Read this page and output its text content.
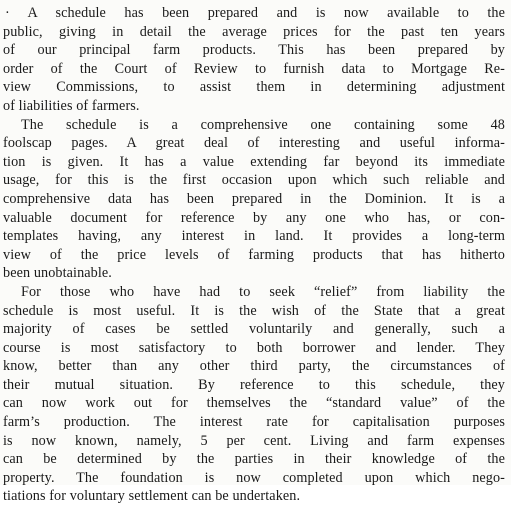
· A schedule has been prepared and is now available to the
public, giving in detail the average prices for the past ten years
of our principal farm products. This has been prepared by
order of the Court of Review to furnish data to Mortgage Re-
view Commissions, to assist them in determining adjustment
of liabilities of farmers.

The schedule is a comprehensive one containing some 48
foolscap pages. A great deal of interesting and useful informa-
tion is given. It has a value extending far beyond its immediate
usage, for this is the first occasion upon which such reliable and
comprehensive data has been prepared in the Dominion. It is a
valuable document for reference by any one who has, or con-
templates having, any interest in land. It provides a long-term
view of the price levels of farming products that has hitherto
been unobtainable.

For those who have had to seek “relief” from liability the
schedule is most useful. It is the wish of the State that a great
majority of cases be settled voluntarily and generally, such a
course is most satisfactory to both borrower and lender. They
know, better than any other third party, the circumstances of
their mutual situation. By reference to this schedule, they
can now work out for themselves the “standard value” of the
farm’s production. The interest rate for capitalisation purposes
is now known, namely, 5 per cent. Living and farm expenses
can be determined by the parties in their knowledge of the
property. The foundation is now completed upon which nego-
tiations for voluntary settlement can be undertaken.
